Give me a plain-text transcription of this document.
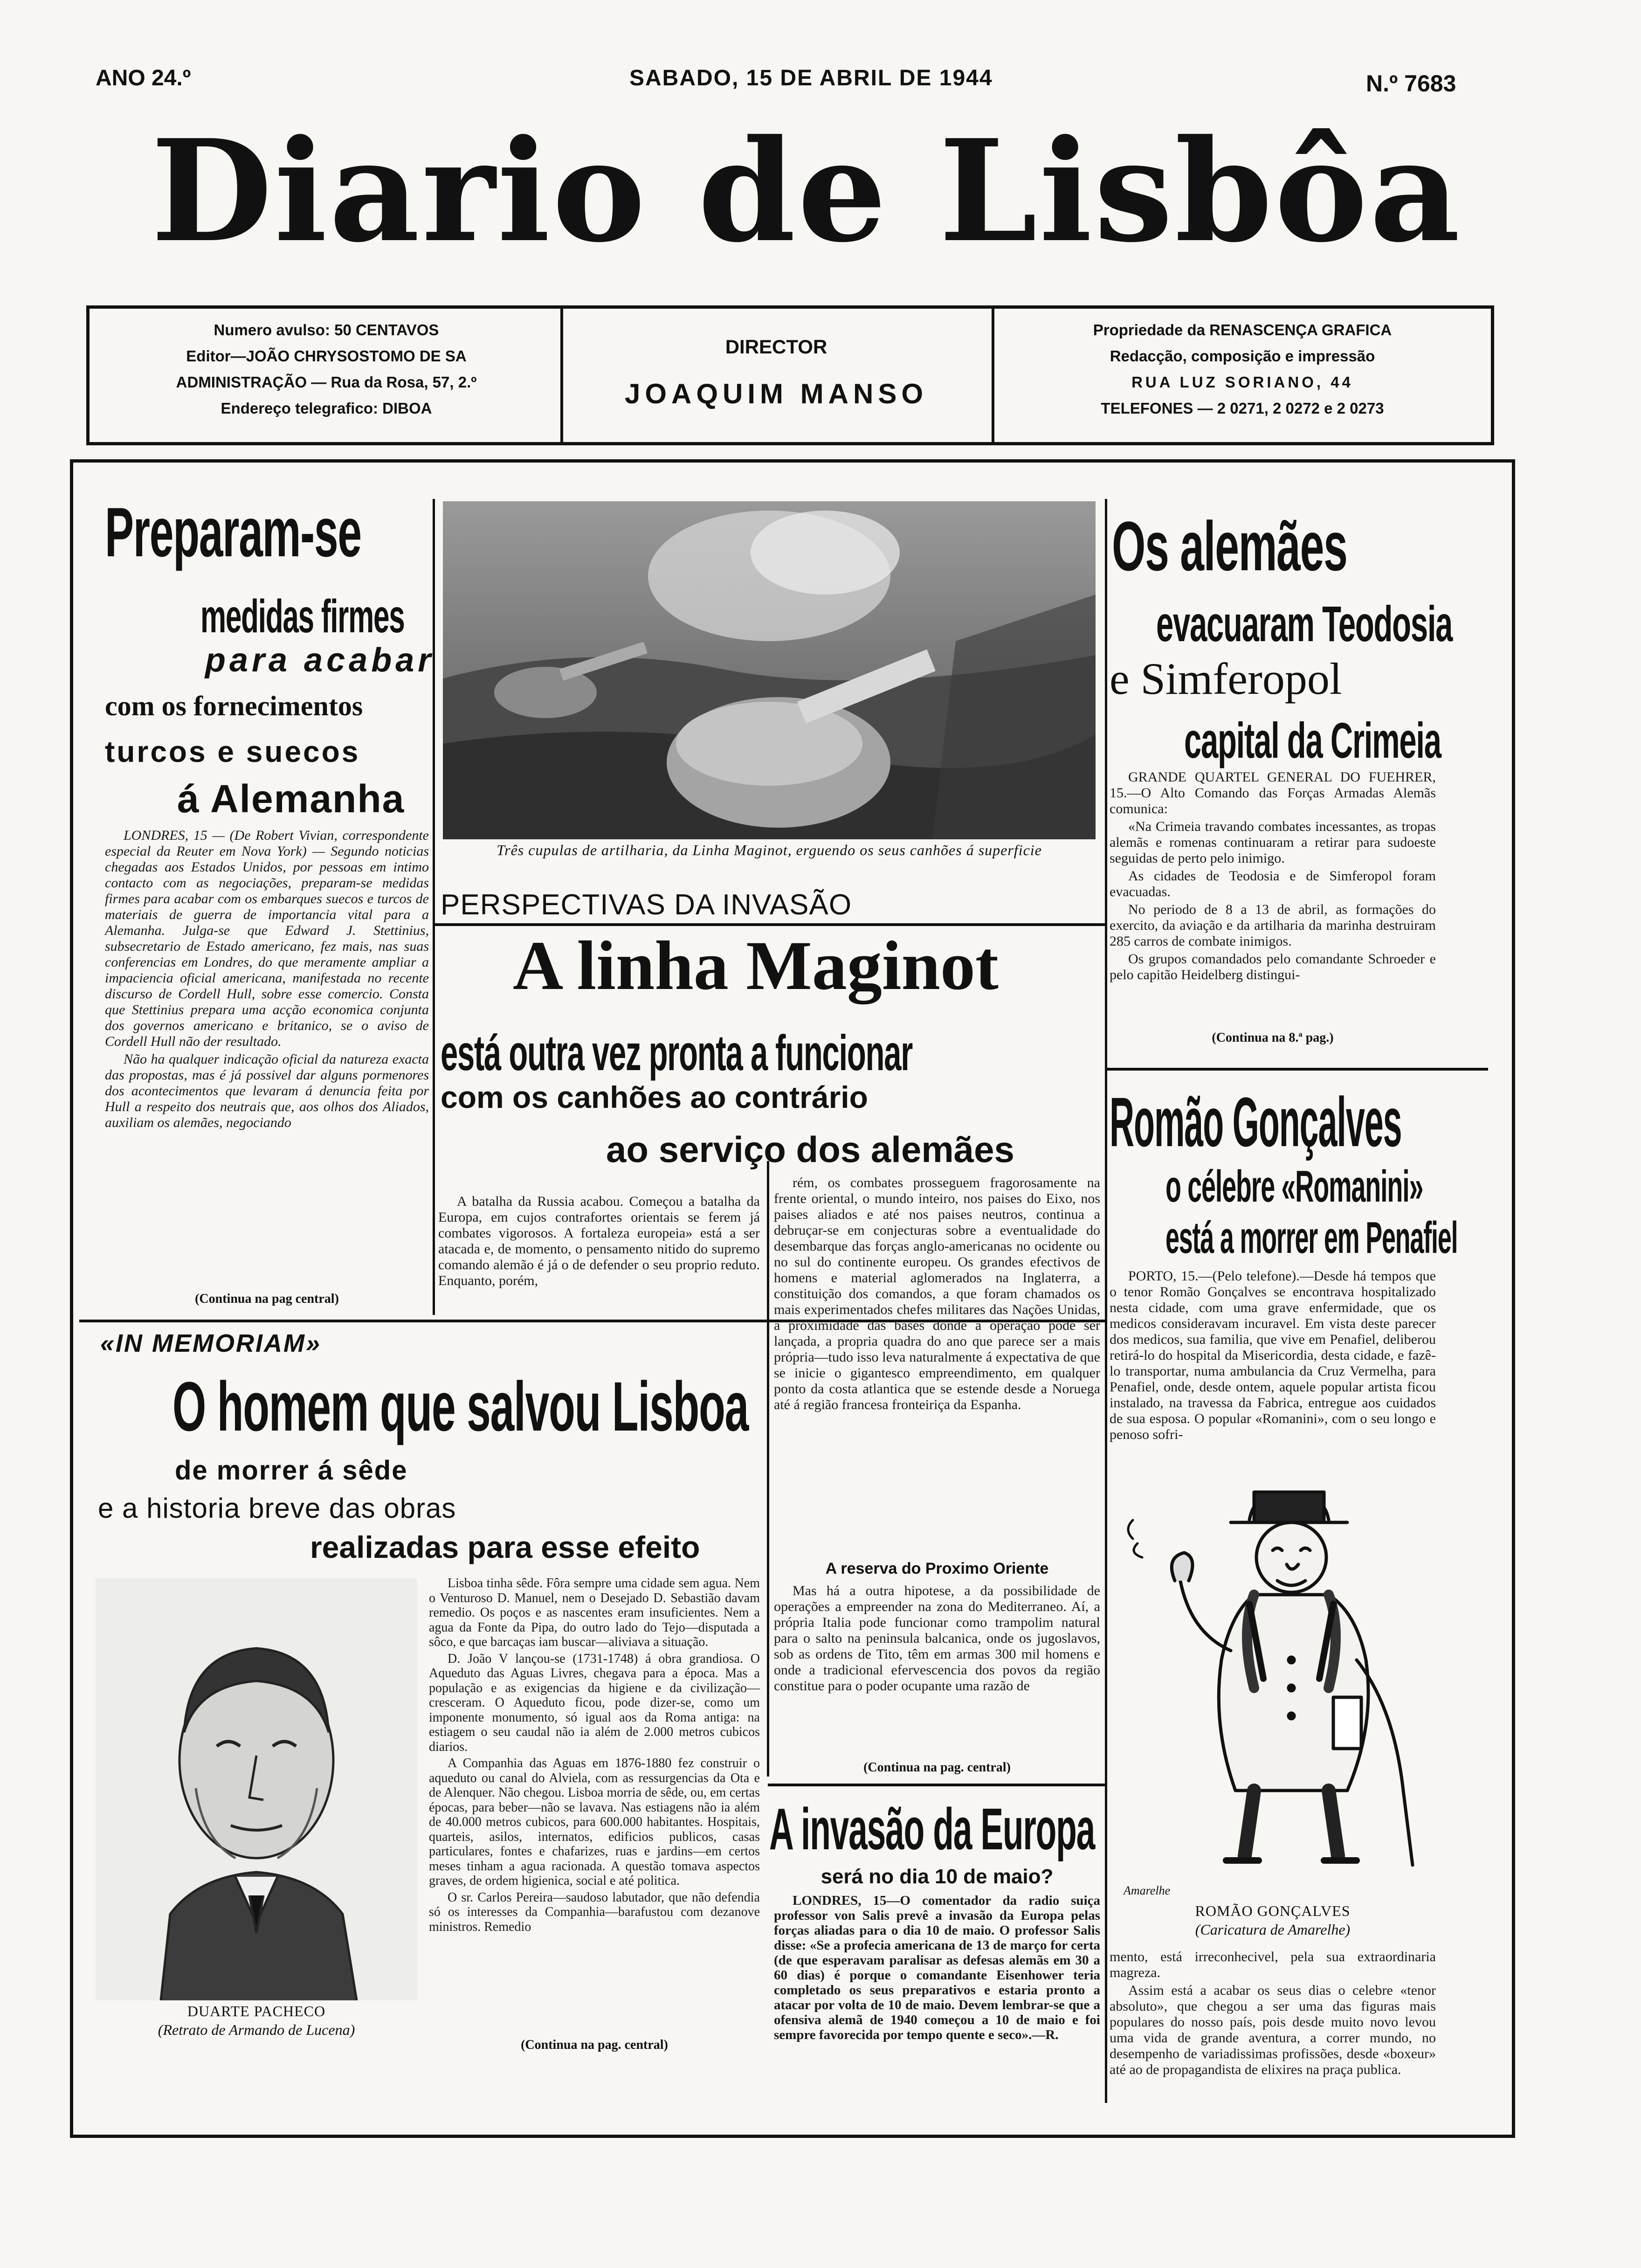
ANO 24.º	SABADO, 15 DE ABRIL DE 1944	N.º 7683
Diario de Lisbôa
Numero avulso: 50 CENTAVOS
Editor—JOÃO CHRYSOSTOMO DE SA
ADMINISTRAÇÃO — Rua da Rosa, 57, 2.º
Endereço telegrafico: DIBOA
DIRECTOR
JOAQUIM MANSO
Propriedade da RENASCENÇA GRAFICA
Redacção, composição e impressão
RUA LUZ SORIANO, 44
TELEFONES — 2 0271, 2 0272 e 2 0273
Preparam-se
medidas firmes
para acabar
com os fornecimentos
turcos e suecos
á Alemanha

LONDRES, 15 — (De Robert Vivian, correspondente especial da Reuter em Nova York) — Segundo noticias chegadas aos Estados Unidos, por pessoas em intimo contacto com as negociações, preparam-se medidas firmes para acabar com os embarques suecos e turcos de materiais de guerra de importancia vital para a Alemanha. Julga-se que Edward J. Stettinius, subsecretario de Estado americano, fez mais, nas suas conferencias em Londres, do que meramente ampliar a impaciencia oficial americana, manifestada no recente discurso de Cordell Hull, sobre esse comercio. Consta que Stettinius prepara uma acção economica conjunta dos governos americano e britanico, se o aviso de Cordell Hull não der resultado.

Não ha qualquer indicação oficial da natureza exacta das propostas, mas é já possivel dar alguns pormenores dos acontecimentos que levaram á denuncia feita por Hull a respeito dos neutrais que, aos olhos dos Aliados, auxiliam os alemães, negociando

(Continua na pag central)
Três cupulas de artilharia, da Linha Maginot, erguendo os seus canhões á superficie
PERSPECTIVAS DA INVASÃO
A linha Maginot
está outra vez pronta a funcionar
com os canhões ao contrário
ao serviço dos alemães

A batalha da Russia acabou. Começou a batalha da Europa, em cujos contrafortes orientais se ferem já combates vigorosos. A fortaleza europeia» está a ser atacada e, de momento, o pensamento nitido do supremo comando alemão é já o de defender o seu proprio reduto. Enquanto, porém,

rém, os combates prosseguem fragorosamente na frente oriental, o mundo inteiro, nos paises do Eixo, nos paises aliados e até nos paises neutros, continua a debruçar-se em conjecturas sobre a eventualidade do desembarque das forças anglo-americanas no ocidente ou no sul do continente europeu. Os grandes efectivos de homens e material aglomerados na Inglaterra, a constituição dos comandos, a que foram chamados os mais experimentados chefes militares das Nações Unidas, a proximidade das bases donde a operação pode ser lançada, a propria quadra do ano que parece ser a mais própria—tudo isso leva naturalmente á expectativa de que se inicie o gigantesco empreendimento, em qualquer ponto da costa atlantica que se estende desde a Noruega até á região francesa fronteiriça da Espanha.

A reserva do Proximo Oriente

Mas há a outra hipotese, a da possibilidade de operações a empreender na zona do Mediterraneo. Aí, a própria Italia pode funcionar como trampolim natural para o salto na peninsula balcanica, onde os jugoslavos, sob as ordens de Tito, têm em armas 300 mil homens e onde a tradicional efervescencia dos povos da região constitue para o poder ocupante uma razão de

(Continua na pag. central)
Os alemães
evacuaram Teodosia
e Simferopol
capital da Crimeia

GRANDE QUARTEL GENERAL DO FUEHRER, 15.—O Alto Comando das Forças Armadas Alemãs comunica:

«Na Crimeia travando combates incessantes, as tropas alemãs e romenas continuaram a retirar para sudoeste seguidas de perto pelo inimigo.

As cidades de Teodosia e de Simferopol foram evacuadas.

No periodo de 8 a 13 de abril, as formações do exercito, da aviação e da artilharia da marinha destruiram 285 carros de combate inimigos.

Os grupos comandados pelo comandante Schroeder e pelo capitão Heidelberg distingui-

(Continua na 8.ª pag.)
Romão Gonçalves
o célebre «Romanini»
está a morrer em Penafiel

PORTO, 15.—(Pelo telefone).—Desde há tempos que o tenor Romão Gonçalves se encontrava hospitalizado nesta cidade, com uma grave enfermidade, que os medicos consideravam incuravel. Em vista deste parecer dos medicos, sua familia, que vive em Penafiel, deliberou retirá-lo do hospital da Misericordia, desta cidade, e fazê-lo transportar, numa ambulancia da Cruz Vermelha, para Penafiel, onde, desde ontem, aquele popular artista ficou instalado, na travessa da Fabrica, entregue aos cuidados de sua esposa. O popular «Romanini», com o seu longo e penoso sofri-

Amarelhe
ROMÃO GONÇALVES
(Caricatura de Amarelhe)

mento, está irreconhecivel, pela sua extraordinaria magreza.

Assim está a acabar os seus dias o celebre «tenor absoluto», que chegou a ser uma das figuras mais populares do nosso país, pois desde muito novo levou uma vida de grande aventura, a correr mundo, no desempenho de variadissimas profissões, desde «boxeur» até ao de propagandista de elixires na praça publica.

«IN MEMORIAM»
O homem que salvou Lisboa
de morrer á sêde
e a historia breve das obras
realizadas para esse efeito
DUARTE PACHECO
(Retrato de Armando de Lucena)

Lisboa tinha sêde. Fôra sempre uma cidade sem agua. Nem o Venturoso D. Manuel, nem o Desejado D. Sebastião davam remedio. Os poços e as nascentes eram insuficientes. Nem a agua da Fonte da Pipa, do outro lado do Tejo—disputada a sôco, e que barcaças iam buscar—aliviava a situação.

D. João V lançou-se (1731-1748) á obra grandiosa. O Aqueduto das Aguas Livres, chegava para a época. Mas a população e as exigencias da higiene e da civilização—cresceram. O Aqueduto ficou, pode dizer-se, como um imponente monumento, só igual aos da Roma antiga: na estiagem o seu caudal não ia além de 2.000 metros cubicos diarios.

A Companhia das Aguas em 1876-1880 fez construir o aqueduto ou canal do Alviela, com as ressurgencias da Ota e de Alenquer. Não chegou. Lisboa morria de sêde, ou, em certas épocas, para beber—não se lavava. Nas estiagens não ia além de 40.000 metros cubicos, para 600.000 habitantes. Hospitais, quarteis, asilos, internatos, edificios publicos, casas particulares, fontes e chafarizes, ruas e jardins—em certos meses tinham a agua racionada. A questão tomava aspectos graves, de ordem higienica, social e até politica.

O sr. Carlos Pereira—saudoso labutador, que não defendia só os interesses da Companhia—barafustou com dezanove ministros. Remedio

(Continua na pag. central)
A invasão da Europa
será no dia 10 de maio?

LONDRES, 15—O comentador da radio suiça professor von Salis prevê a invasão da Europa pelas forças aliadas para o dia 10 de maio. O professor Salis disse: «Se a profecia americana de 13 de março for certa (de que esperavam paralisar as defesas alemãs em 30 a 60 dias) é porque o comandante Eisenhower teria completado os seus preparativos e estaria pronto a atacar por volta de 10 de maio. Devem lembrar-se que a ofensiva alemã de 1940 começou a 10 de maio e foi sempre favorecida por tempo quente e seco».—R.
